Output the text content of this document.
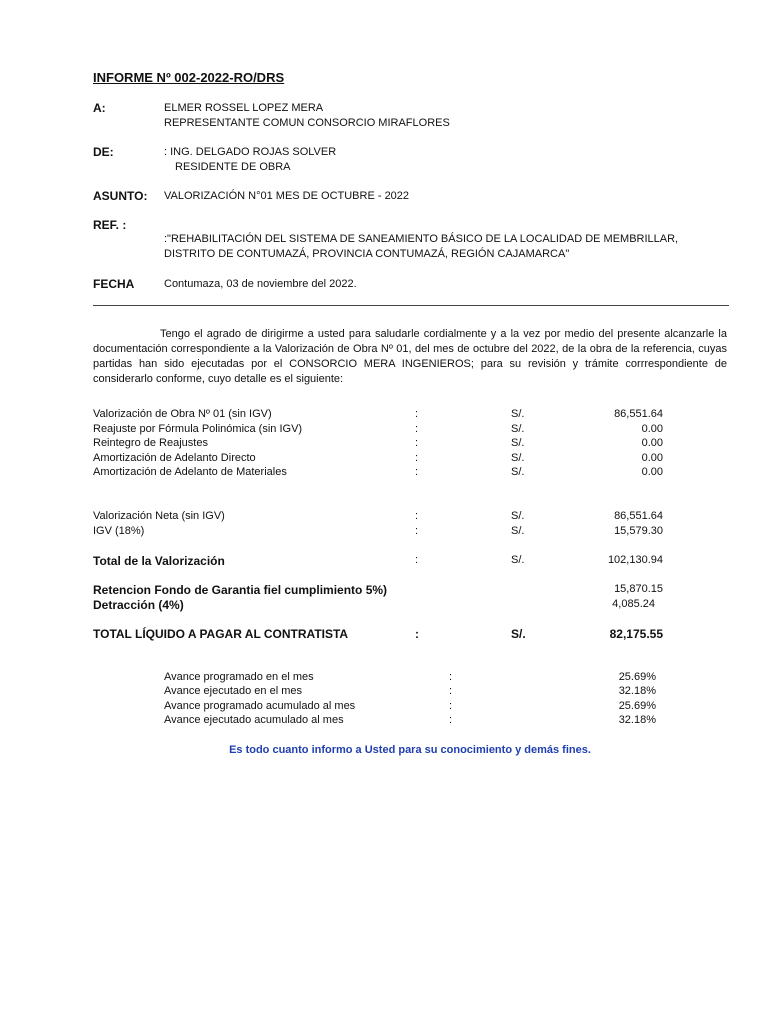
INFORME Nº 002-2022-RO/DRS
A:	ELMER ROSSEL LOPEZ MERA
REPRESENTANTE COMUN CONSORCIO MIRAFLORES
DE:	: ING. DELGADO ROJAS SOLVER
RESIDENTE DE OBRA
ASUNTO: VALORIZACIÓN N°01 MES DE OCTUBRE - 2022
REF. :
:"REHABILITACIÓN DEL SISTEMA DE SANEAMIENTO BÁSICO DE LA LOCALIDAD DE MEMBRILLAR,
DISTRITO DE CONTUMAZÁ, PROVINCIA CONTUMAZÁ, REGIÓN CAJAMARCA"
FECHA	Contumaza, 03 de noviembre del 2022.
Tengo el agrado de dirigirme a usted para saludarle cordialmente y a la vez por medio del presente alcanzarle la documentación correspondiente a la Valorización de Obra Nº 01, del mes de octubre del 2022, de la obra de la referencia, cuyas partidas han sido ejecutadas por el CONSORCIO MERA INGENIEROS; para su revisión y trámite corrrespondiente de considerarlo conforme, cuyo detalle es el siguiente:
Valorización de Obra Nº 01 (sin IGV)	:	S/.	86,551.64
Reajuste por Fórmula Polinómica (sin IGV)	:	S/.	0.00
Reintegro de Reajustes	:	S/.	0.00
Amortización de Adelanto Directo	:	S/.	0.00
Amortización de Adelanto de Materiales	:	S/.	0.00
Valorización Neta (sin IGV)	:	S/.	86,551.64
IGV (18%)	:	S/.	15,579.30
Total de la Valorización	:	S/.	102,130.94
Retencion Fondo de Garantia fiel cumplimiento 5%)	15,870.15
Detracción (4%)	4,085.24
TOTAL LÍQUIDO A PAGAR AL CONTRATISTA	:	S/.	82,175.55
Avance programado en el mes	:	25.69%
Avance ejecutado en el mes	:	32.18%
Avance programado acumulado al mes	:	25.69%
Avance ejecutado acumulado al mes	:	32.18%
Es todo cuanto informo a Usted para su conocimiento y demás fines.
